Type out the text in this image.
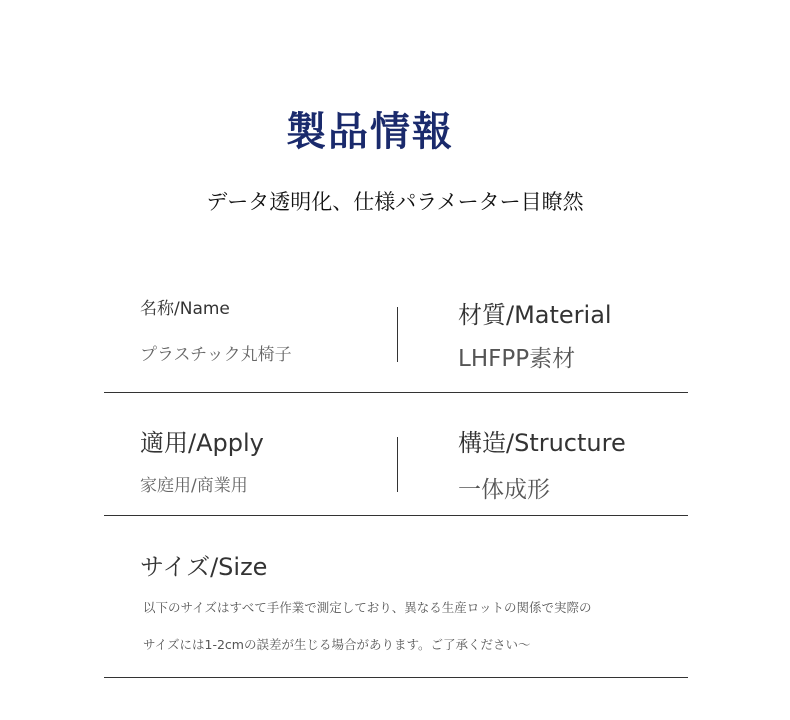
製品情報
データ透明化、仕様パラメーター目瞭然
名称/Name
プラスチック丸椅子
材質/Material
LHFPP素材
適用/Apply
家庭用/商業用
構造/Structure
一体成形
サイズ/Size
以下のサイズはすべて手作業で測定しており、異なる生産ロットの関係で実際の
サイズには1-2cmの誤差が生じる場合があります。ご了承ください〜
